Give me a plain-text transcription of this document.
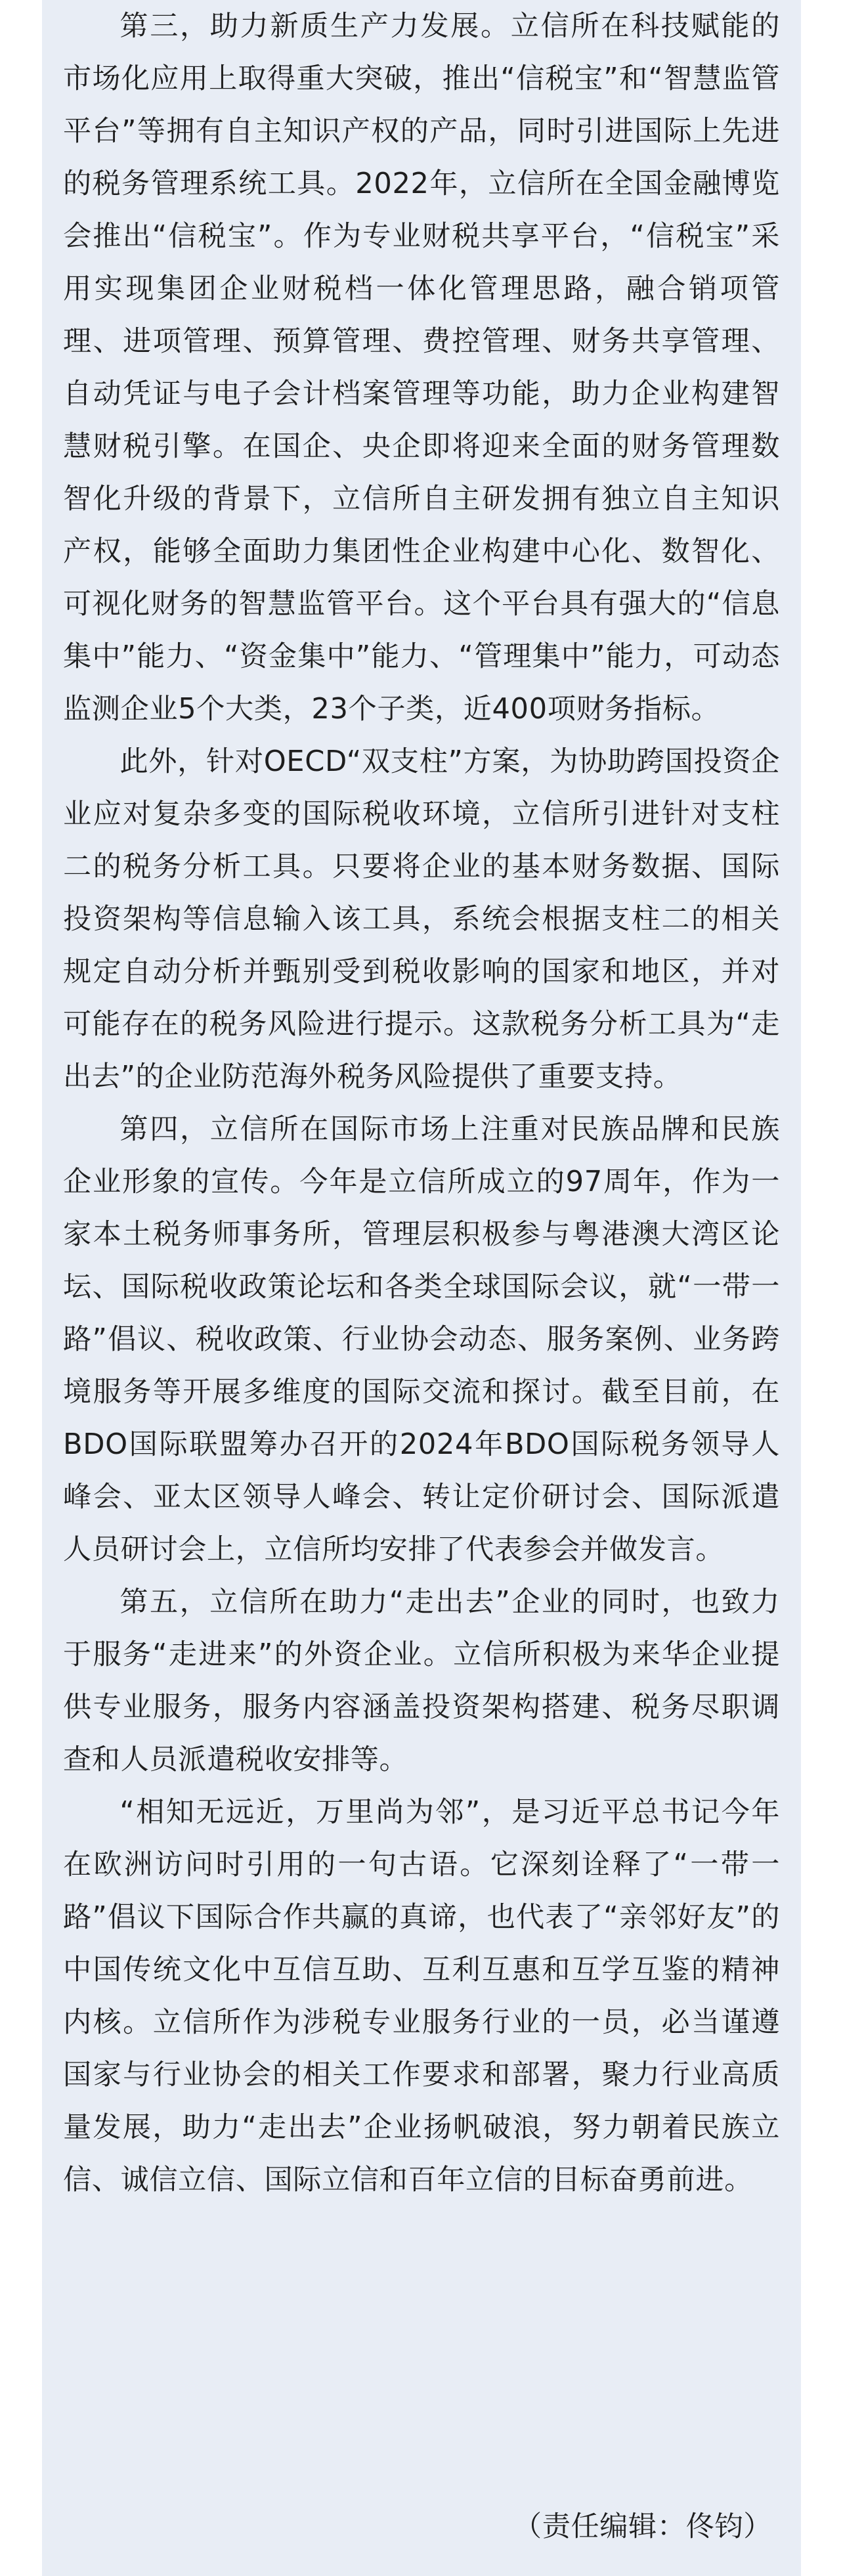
第三，助力新质生产力发展。立信所在科技赋能的市场化应用上取得重大突破，推出“信税宝”和“智慧监管平台”等拥有自主知识产权的产品，同时引进国际上先进的税务管理系统工具。2022年，立信所在全国金融博览会推出“信税宝”。作为专业财税共享平台，“信税宝”采用实现集团企业财税档一体化管理思路，融合销项管理、进项管理、预算管理、费控管理、财务共享管理、自动凭证与电子会计档案管理等功能，助力企业构建智慧财税引擎。在国企、央企即将迎来全面的财务管理数智化升级的背景下，立信所自主研发拥有独立自主知识产权，能够全面助力集团性企业构建中心化、数智化、可视化财务的智慧监管平台。这个平台具有强大的“信息集中”能力、“资金集中”能力、“管理集中”能力，可动态监测企业5个大类，23个子类，近400项财务指标。

此外，针对OECD“双支柱”方案，为协助跨国投资企业应对复杂多变的国际税收环境，立信所引进针对支柱二的税务分析工具。只要将企业的基本财务数据、国际投资架构等信息输入该工具，系统会根据支柱二的相关规定自动分析并甄别受到税收影响的国家和地区，并对可能存在的税务风险进行提示。这款税务分析工具为“走出去”的企业防范海外税务风险提供了重要支持。

第四，立信所在国际市场上注重对民族品牌和民族企业形象的宣传。今年是立信所成立的97周年，作为一家本土税务师事务所，管理层积极参与粤港澳大湾区论坛、国际税收政策论坛和各类全球国际会议，就“一带一路”倡议、税收政策、行业协会动态、服务案例、业务跨境服务等开展多维度的国际交流和探讨。截至目前，在BDO国际联盟筹办召开的2024年BDO国际税务领导人峰会、亚太区领导人峰会、转让定价研讨会、国际派遣人员研讨会上，立信所均安排了代表参会并做发言。

第五，立信所在助力“走出去”企业的同时，也致力于服务“走进来”的外资企业。立信所积极为来华企业提供专业服务，服务内容涵盖投资架构搭建、税务尽职调查和人员派遣税收安排等。

“相知无远近，万里尚为邻”，是习近平总书记今年在欧洲访问时引用的一句古语。它深刻诠释了“一带一路”倡议下国际合作共赢的真谛，也代表了“亲邻好友”的中国传统文化中互信互助、互利互惠和互学互鉴的精神内核。立信所作为涉税专业服务行业的一员，必当谨遵国家与行业协会的相关工作要求和部署，聚力行业高质量发展，助力“走出去”企业扬帆破浪，努力朝着民族立信、诚信立信、国际立信和百年立信的目标奋勇前进。

（责任编辑：佟钧）
